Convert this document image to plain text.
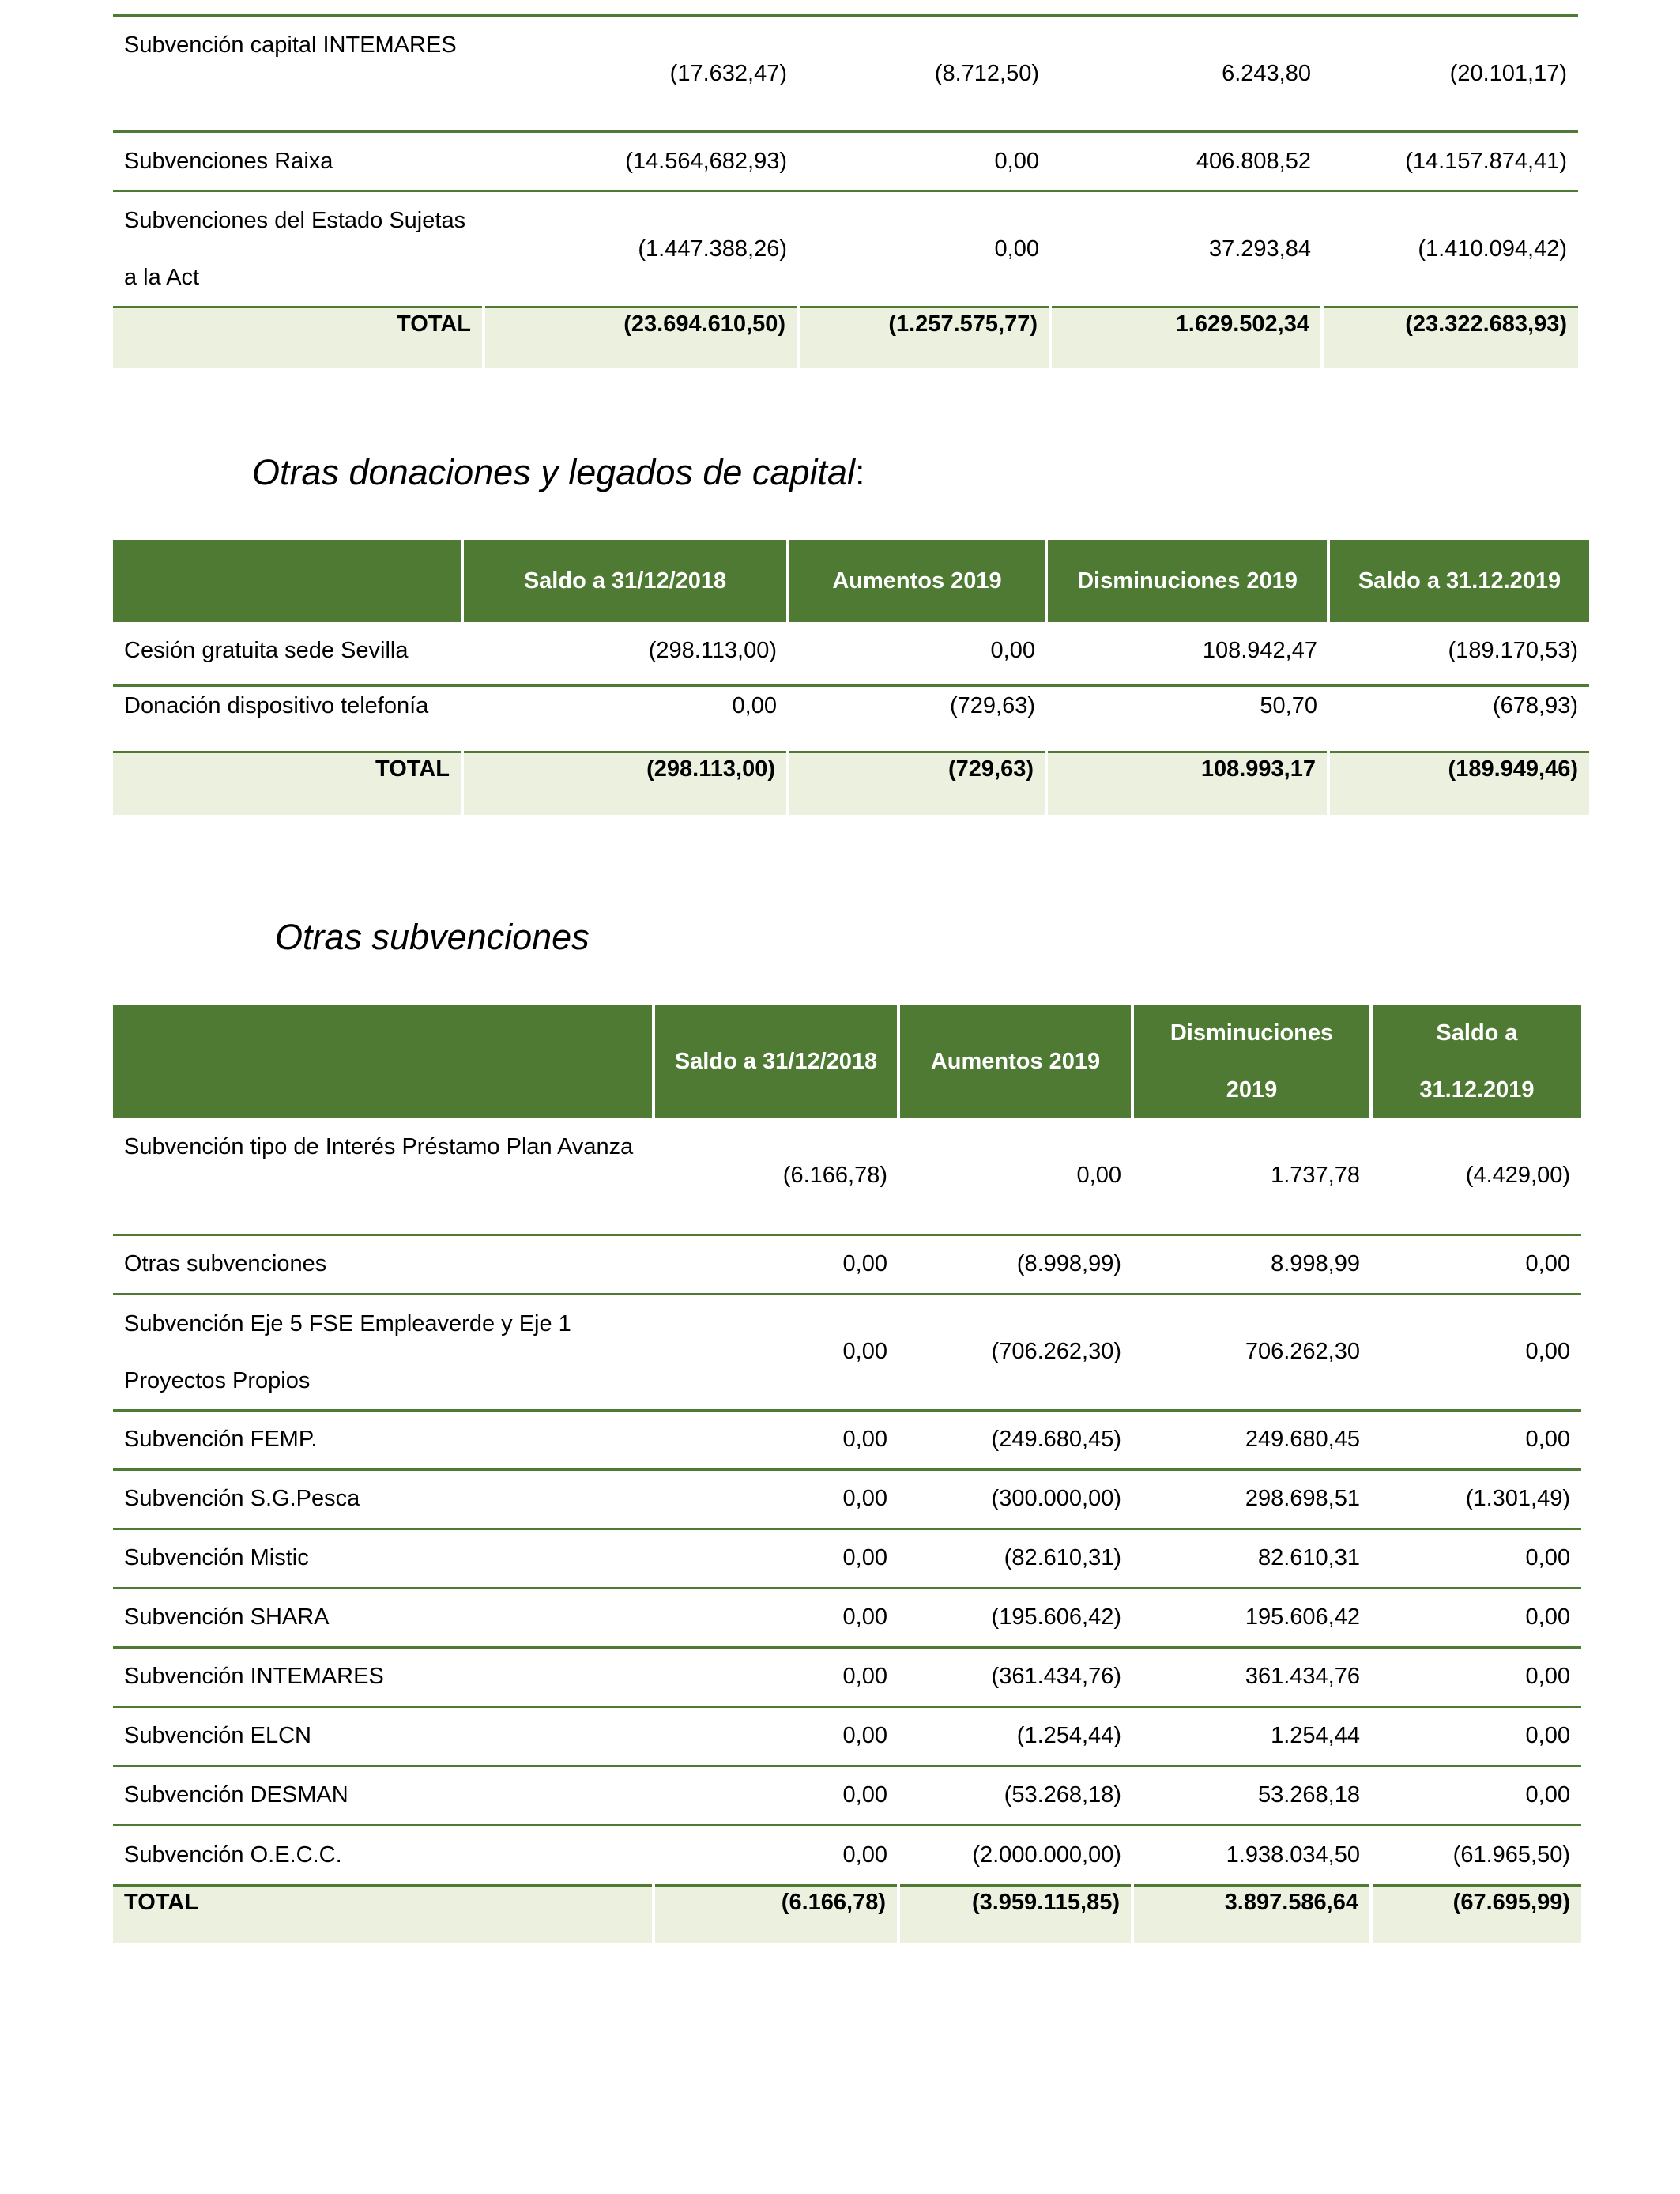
Subvención capital INTEMARES	(17.632,47)	(8.712,50)	6.243,80	(20.101,17)
Subvenciones Raixa	(14.564,682,93)	0,00	406.808,52	(14.157.874,41)
Subvenciones del Estado Sujetas a la Act	(1.447.388,26)	0,00	37.293,84	(1.410.094,42)
TOTAL	(23.694.610,50)	(1.257.575,77)	1.629.502,34	(23.322.683,93)
Otras donaciones y legados de capital:
	Saldo a 31/12/2018	Aumentos 2019	Disminuciones 2019	Saldo a 31.12.2019
Cesión gratuita sede Sevilla	(298.113,00)	0,00	108.942,47	(189.170,53)
Donación dispositivo telefonía	0,00	(729,63)	50,70	(678,93)
TOTAL	(298.113,00)	(729,63)	108.993,17	(189.949,46)
Otras subvenciones
	Saldo a 31/12/2018	Aumentos 2019	Disminuciones 2019	Saldo a 31.12.2019
Subvención tipo de Interés Préstamo Plan Avanza	(6.166,78)	0,00	1.737,78	(4.429,00)
Otras subvenciones	0,00	(8.998,99)	8.998,99	0,00
Subvención Eje 5 FSE Empleaverde y Eje 1 Proyectos Propios	0,00	(706.262,30)	706.262,30	0,00
Subvención FEMP.	0,00	(249.680,45)	249.680,45	0,00
Subvención S.G.Pesca	0,00	(300.000,00)	298.698,51	(1.301,49)
Subvención Mistic	0,00	(82.610,31)	82.610,31	0,00
Subvención SHARA	0,00	(195.606,42)	195.606,42	0,00
Subvención INTEMARES	0,00	(361.434,76)	361.434,76	0,00
Subvención ELCN	0,00	(1.254,44)	1.254,44	0,00
Subvención DESMAN	0,00	(53.268,18)	53.268,18	0,00
Subvención O.E.C.C.	0,00	(2.000.000,00)	1.938.034,50	(61.965,50)
TOTAL	(6.166,78)	(3.959.115,85)	3.897.586,64	(67.695,99)
